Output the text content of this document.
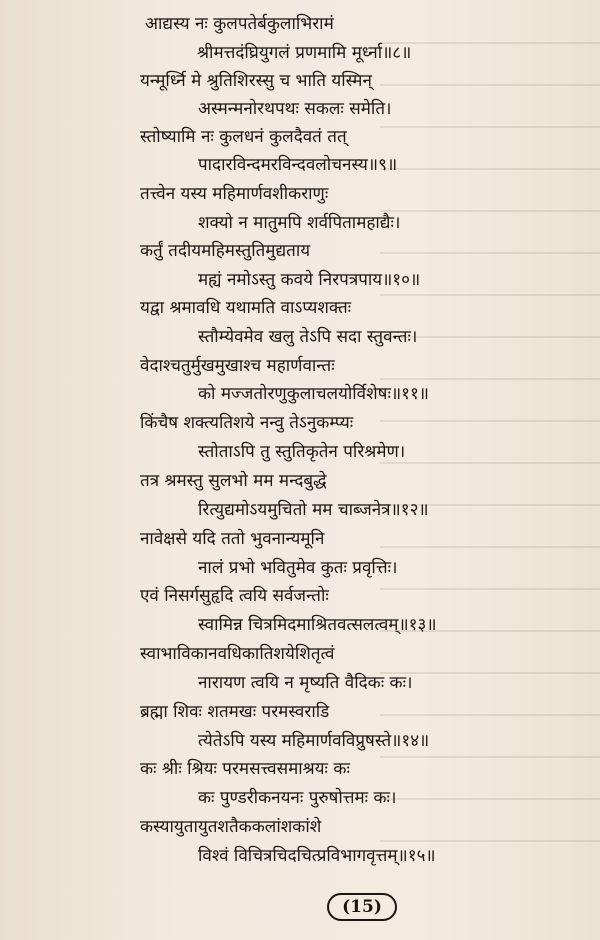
आद्यस्य नः कुलपतेर्बकुलाभिरामं

श्रीमत्तदंघ्रियुगलं प्रणमामि मूर्ध्ना॥८॥

यन्मूर्ध्नि मे श्रुतिशिरस्सु च भाति यस्मिन्

अस्मन्मनोरथपथः सकलः समेति।

स्तोष्यामि नः कुलधनं कुलदैवतं तत्

पादारविन्दमरविन्दवलोचनस्य॥९॥

तत्त्वेन यस्य महिमार्णवशीकराणुः

शक्यो न मातुमपि शर्वपितामहाद्यैः।

कर्तुं तदीयमहिमस्तुतिमुद्यताय

मह्यं नमोऽस्तु कवये निरपत्रपाय॥१०॥

यद्वा श्रमावधि यथामति वाऽप्यशक्तः

स्तौम्येवमेव खलु तेऽपि सदा स्तुवन्तः।

वेदाश्चतुर्मुखमुखाश्च महार्णवान्तः

को मज्जतोरणुकुलाचलयोर्विशेषः॥११॥

किंचैष शक्त्यतिशये नन्वु तेऽनुकम्प्यः

स्तोताऽपि तु स्तुतिकृतेन परिश्रमेण।

तत्र श्रमस्तु सुलभो मम मन्दबुद्धे

रित्युद्यमोऽयमुचितो मम चाब्जनेत्र॥१२॥

नावेक्षसे यदि ततो भुवनान्यमूनि

नालं प्रभो भवितुमेव कुतः प्रवृत्तिः।

एवं निसर्गसुहृदि त्वयि सर्वजन्तोः

स्वामिन्न चित्रमिदमाश्रितवत्सलत्वम्॥१३॥

स्वाभाविकानवधिकातिशयेशितृत्वं

नारायण त्वयि न मृष्यति वैदिकः कः।

ब्रह्मा शिवः शतमखः परमस्वराडि

त्येतेऽपि यस्य महिमार्णवविप्रुषस्ते॥१४॥

कः श्रीः श्रियः परमसत्त्वसमाश्रयः कः

कः पुण्डरीकनयनः पुरुषोत्तमः कः।

कस्यायुतायुतशतैककलांशकांशे

विश्वं विचित्रचिदचित्प्रविभागवृत्तम्॥१५॥

(15)
